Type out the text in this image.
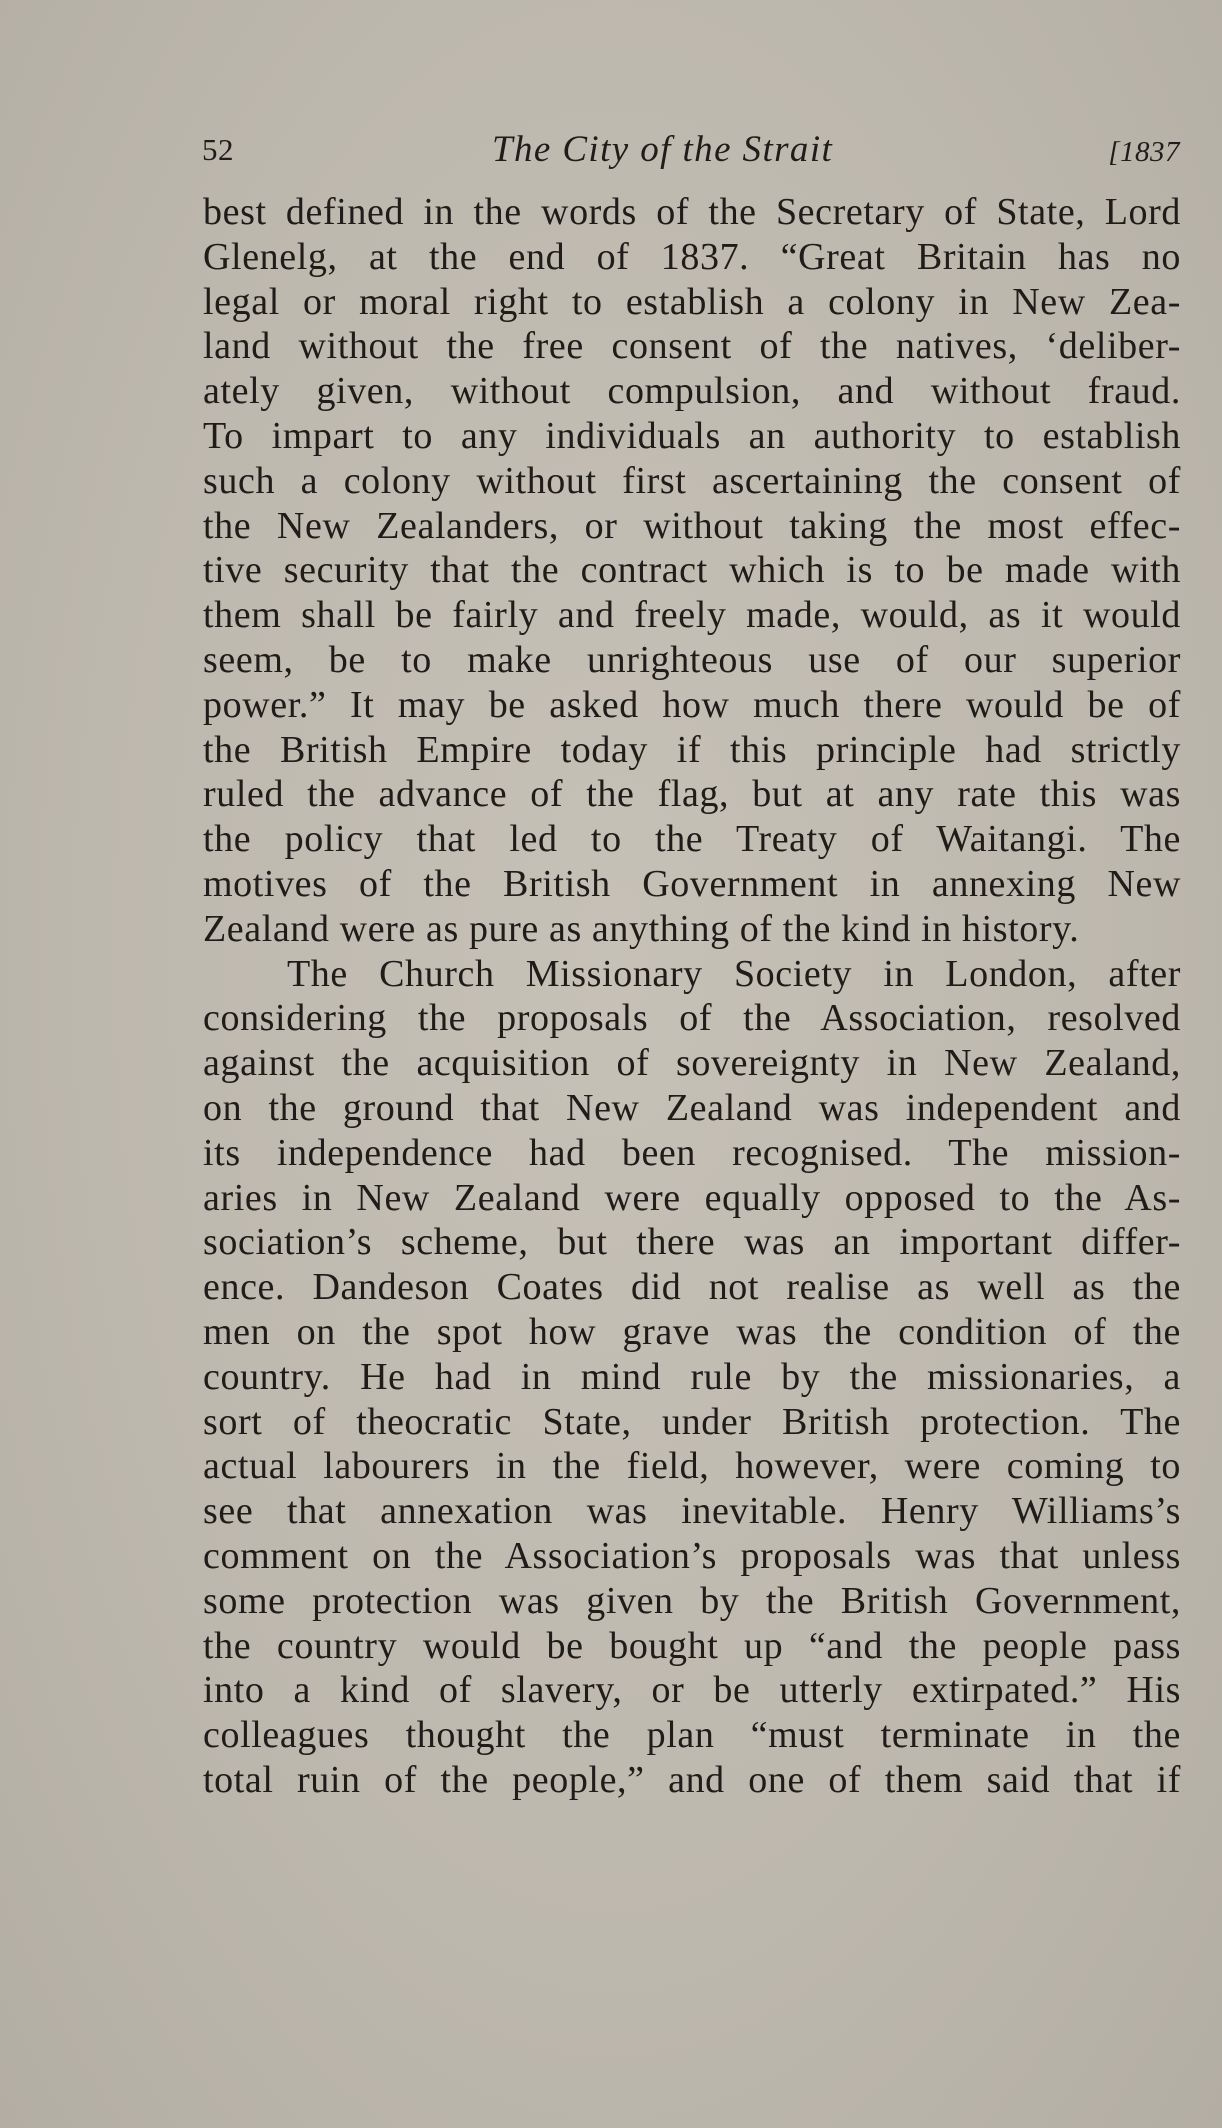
52	The City of the Strait	[1837
best defined in the words of the Secretary of State, Lord
Glenelg, at the end of 1837. “Great Britain has no
legal or moral right to establish a colony in New Zea-
land without the free consent of the natives, ‘deliber-
ately given, without compulsion, and without fraud.
To impart to any individuals an authority to establish
such a colony without first ascertaining the consent of
the New Zealanders, or without taking the most effec-
tive security that the contract which is to be made with
them shall be fairly and freely made, would, as it would
seem, be to make unrighteous use of our superior
power.” It may be asked how much there would be of
the British Empire today if this principle had strictly
ruled the advance of the flag, but at any rate this was
the policy that led to the Treaty of Waitangi. The
motives of the British Government in annexing New
Zealand were as pure as anything of the kind in history.
The Church Missionary Society in London, after
considering the proposals of the Association, resolved
against the acquisition of sovereignty in New Zealand,
on the ground that New Zealand was independent and
its independence had been recognised. The mission-
aries in New Zealand were equally opposed to the As-
sociation’s scheme, but there was an important differ-
ence. Dandeson Coates did not realise as well as the
men on the spot how grave was the condition of the
country. He had in mind rule by the missionaries, a
sort of theocratic State, under British protection. The
actual labourers in the field, however, were coming to
see that annexation was inevitable. Henry Williams’s
comment on the Association’s proposals was that unless
some protection was given by the British Government,
the country would be bought up “and the people pass
into a kind of slavery, or be utterly extirpated.” His
colleagues thought the plan “must terminate in the
total ruin of the people,” and one of them said that if
